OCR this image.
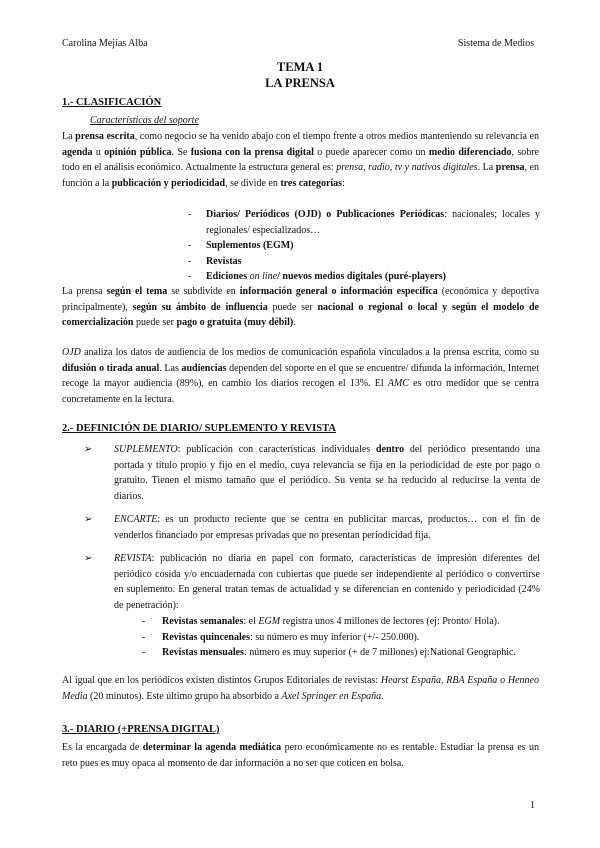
Carolina Mejías Alba	Sistema de Medios
TEMA 1
LA PRENSA
1.- CLASIFICACIÓN
Características del soporte

La prensa escrita, como negocio se ha venido abajo con el tiempo frente a otros medios manteniendo su relevancia en agenda u opinión pública. Se fusiona con la prensa digital o puede aparecer como un medio diferenciado, sobre todo en el análisis económico. Actualmente la estructura general es: prensa, radio, tv y nativos digitales. La prensa, en función a la publicación y periodicidad, se divide en tres categorías:

- Diarios/ Periódicos (OJD) o Publicaciones Periódicas: nacionales; locales y regionales/ especializados…
- Suplementos (EGM)
- Revistas
- Ediciones on line/ nuevos medios digitales (puré-players)

La prensa según el tema se subdivide en información general o información específica (económica y deportiva principalmente), según su ámbito de influencia puede ser nacional o regional o local y según el modelo de comercialización puede ser pago o gratuita (muy débil).

OJD analiza los datos de audiencia de los medios de comunicación española vinculados a la prensa escrita, como su difusión o tirada anual. Las audiencias dependen del soporte en el que se encuentre/ difunda la información, Internet recoge la mayor audiencia (89%), en cambio los diarios recogen el 13%. El AMC es otro medidor que se centra concretamente en la lectura.

2.- DEFINICIÓN DE DIARIO/ SUPLEMENTO Y REVISTA
➢	SUPLEMENTO: publicación con características individuales dentro del periódico presentando una portada y título propio y fijo en el medio, cuya relevancia se fija en la periodicidad de este por pago o gratuito. Tienen el mismo tamaño que el periódico. Su venta se ha reducido al reducirse la venta de diarios.
➢	ENCARTE: es un producto reciente que se centra en publicitar marcas, productos… con el fin de venderlos financiado por empresas privadas que no presentan periodicidad fija.
➢	REVISTA: publicación no diaria en papel con formato, características de impresión diferentes del periódico cosida y/o encuadernada con cubiertas que puede ser independiente al periódico o convertirse en suplemento. En general tratan temas de actualidad y se diferencian en contenido y periodicidad (24% de penetración):
- Revistas semanales: el EGM registra unos 4 millones de lectores (ej: Pronto/ Hola).
- Revistas quincenales: su número es muy inferior (+/- 250.000).
- Revistas mensuales: número es muy superior (+ de 7 millones) ej:National Geographic.

Al igual que en los periódicos existen distintos Grupos Editoriales de revistas: Hearst España, RBA España o Henneo Media (20 minutos). Este último grupo ha absorbido a Axel Springer en España.

3.- DIARIO (+PRENSA DIGITAL)

Es la encargada de determinar la agenda mediática pero económicamente no es rentable. Estudiar la prensa es un reto pues es muy opaca al momento de dar información a no ser que coticen en bolsa.

1
